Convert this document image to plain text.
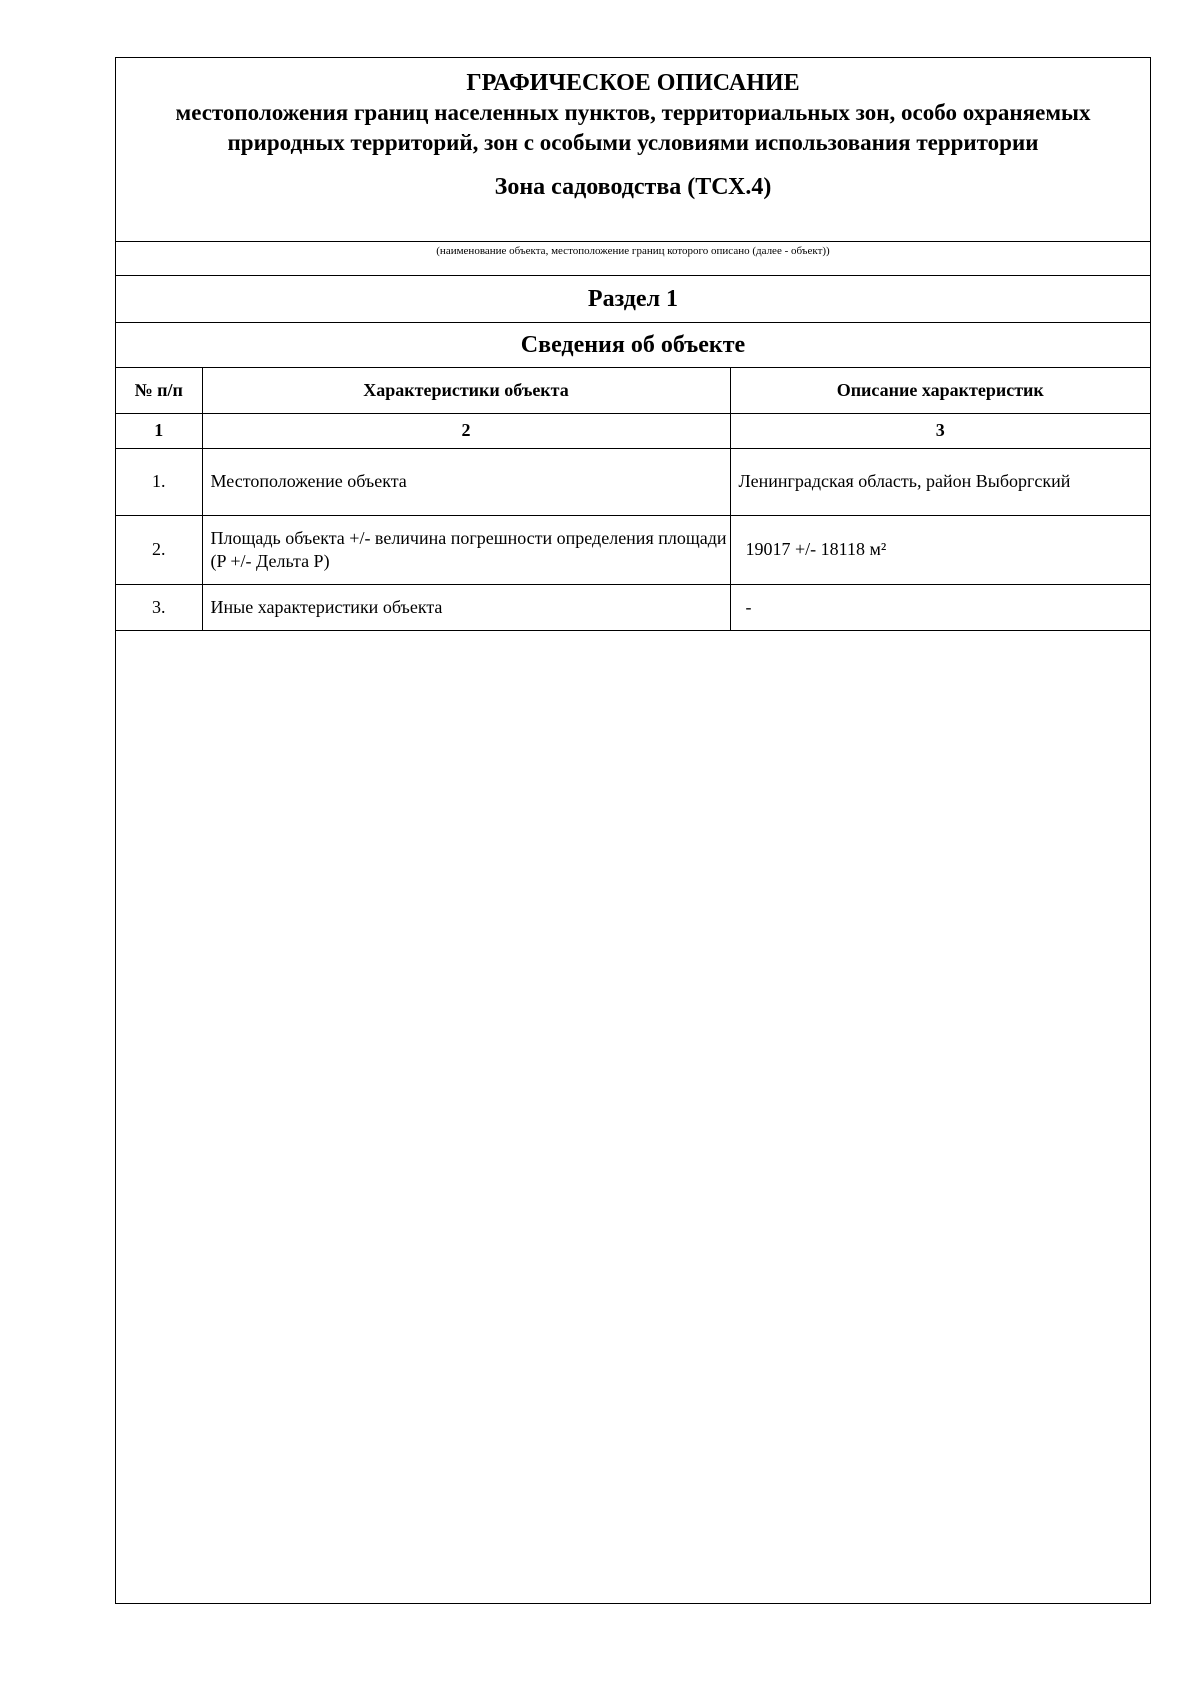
ГРАФИЧЕСКОЕ ОПИСАНИЕ
местоположения границ населенных пунктов, территориальных зон, особо охраняемых природных территорий, зон с особыми условиями использования территории
Зона садоводства (ТСХ.4)
(наименование объекта, местоположение границ которого описано (далее - объект))
Раздел 1
Сведения об объекте
№ п/п	Характеристики объекта	Описание характеристик
1	2	3
1.	Местоположение объекта	Ленинградская область, район Выборгский
2.	Площадь объекта +/- величина погрешности определения площади (P +/- Дельта P)	19017 +/- 18118 м²
3.	Иные характеристики объекта	-
